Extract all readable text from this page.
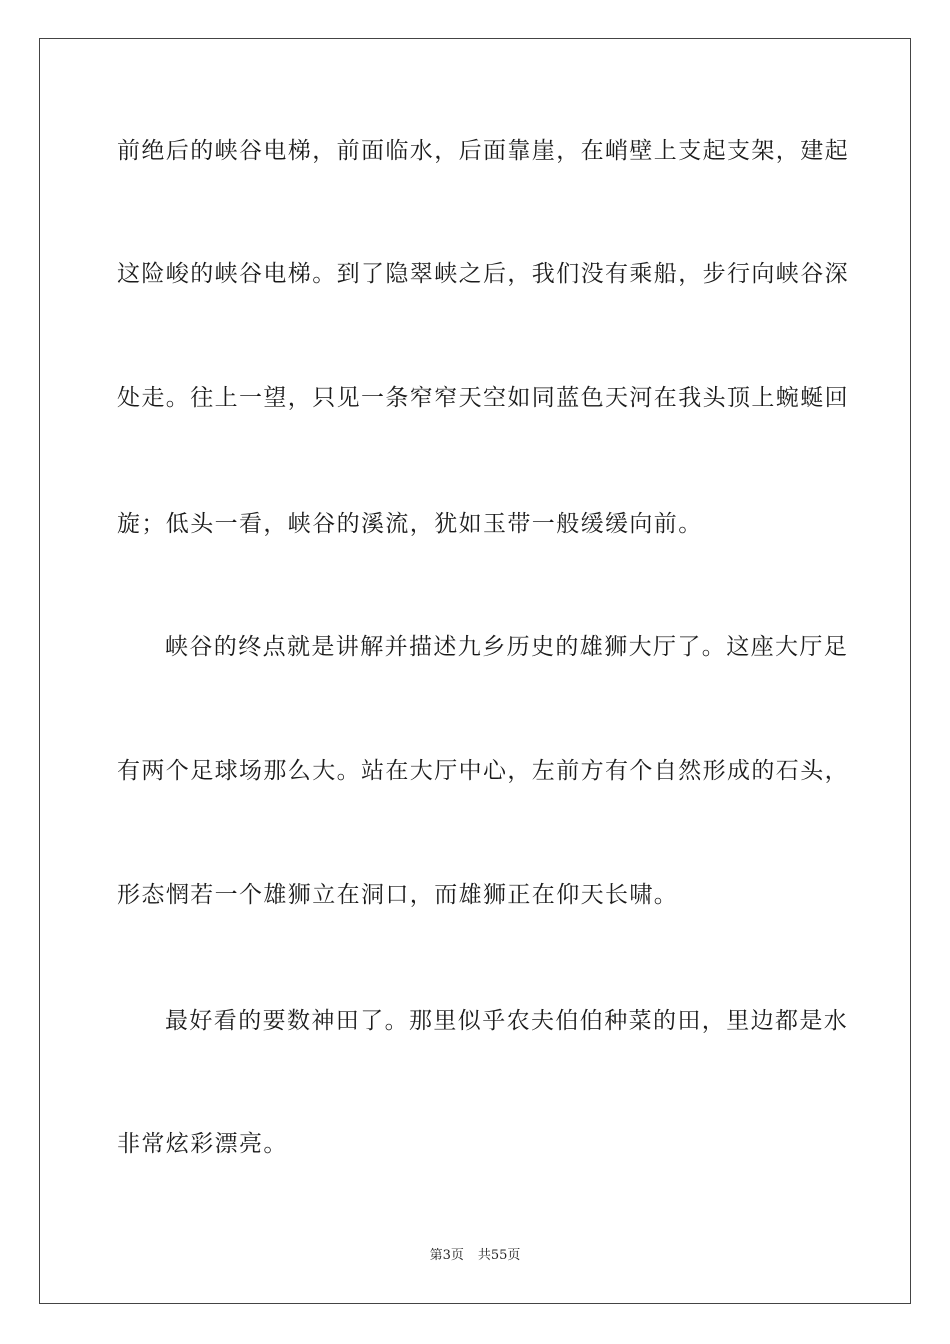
前绝后的峡谷电梯，前面临水，后面靠崖，在峭壁上支起支架，建起
这险峻的峡谷电梯。到了隐翠峡之后，我们没有乘船，步行向峡谷深
处走。往上一望，只见一条窄窄天空如同蓝色天河在我头顶上蜿蜒回
旋；低头一看，峡谷的溪流，犹如玉带一般缓缓向前。
峡谷的终点就是讲解并描述九乡历史的雄狮大厅了。这座大厅足
有两个足球场那么大。站在大厅中心，左前方有个自然形成的石头，
形态惘若一个雄狮立在洞口，而雄狮正在仰天长啸。
最好看的要数神田了。那里似乎农夫伯伯种菜的田，里边都是水
非常炫彩漂亮。
第3页 共55页
